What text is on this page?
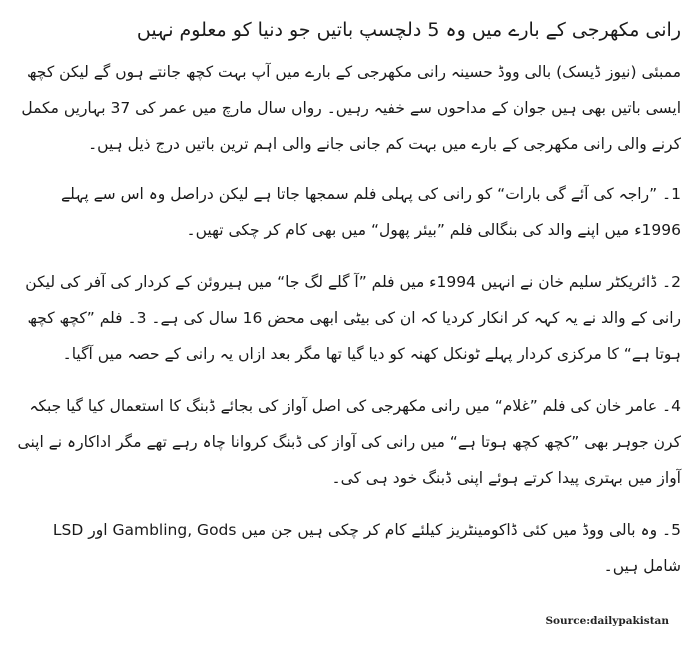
رانی مکھرجی کے بارے میں وہ 5 دلچسپ باتیں جو دنیا کو معلوم نہیں

ممبئی (نیوز ڈیسک) بالی ووڈ حسینہ رانی مکھرجی کے بارے میں آپ بہت کچھ جانتے ہوں گے لیکن کچھ ایسی باتیں بھی ہیں جوان کے مداحوں سے خفیہ رہیں۔ رواں سال مارچ میں عمر کی 37 بہاریں مکمل کرنے والی رانی مکھرجی کے بارے میں بہت کم جانی جانے والی اہم ترین باتیں درج ذیل ہیں۔

1۔ ”راجہ کی آئے گی بارات“ کو رانی کی پہلی فلم سمجھا جاتا ہے لیکن دراصل وہ اس سے پہلے 1996ء میں اپنے والد کی بنگالی فلم ”بیئر پھول“ میں بھی کام کر چکی تھیں۔

2۔ ڈائریکٹر سلیم خان نے انہیں 1994ء میں فلم ”آ گلے لگ جا“ میں ہیروئن کے کردار کی آفر کی لیکن رانی کے والد نے یہ کہہ کر انکار کردیا کہ ان کی بیٹی ابھی محض 16 سال کی ہے۔ 3۔ فلم ”کچھ کچھ ہوتا ہے“ کا مرکزی کردار پہلے ٹونکل کھنہ کو دیا گیا تھا مگر بعد ازاں یہ رانی کے حصہ میں آگیا۔

4۔ عامر خان کی فلم ”غلام“ میں رانی مکھرجی کی اصل آواز کی بجائے ڈبنگ کا استعمال کیا گیا جبکہ کرن جوہر بھی ”کچھ کچھ ہوتا ہے“ میں رانی کی آواز کی ڈبنگ کروانا چاہ رہے تھے مگر اداکارہ نے اپنی آواز میں بہتری پیدا کرتے ہوئے اپنی ڈبنگ خود ہی کی۔

5۔ وہ بالی ووڈ میں کئی ڈاکومینٹریز کیلئے کام کر چکی ہیں جن میں Gambling, Gods اور LSD شامل ہیں۔

Source:dailypakistan
